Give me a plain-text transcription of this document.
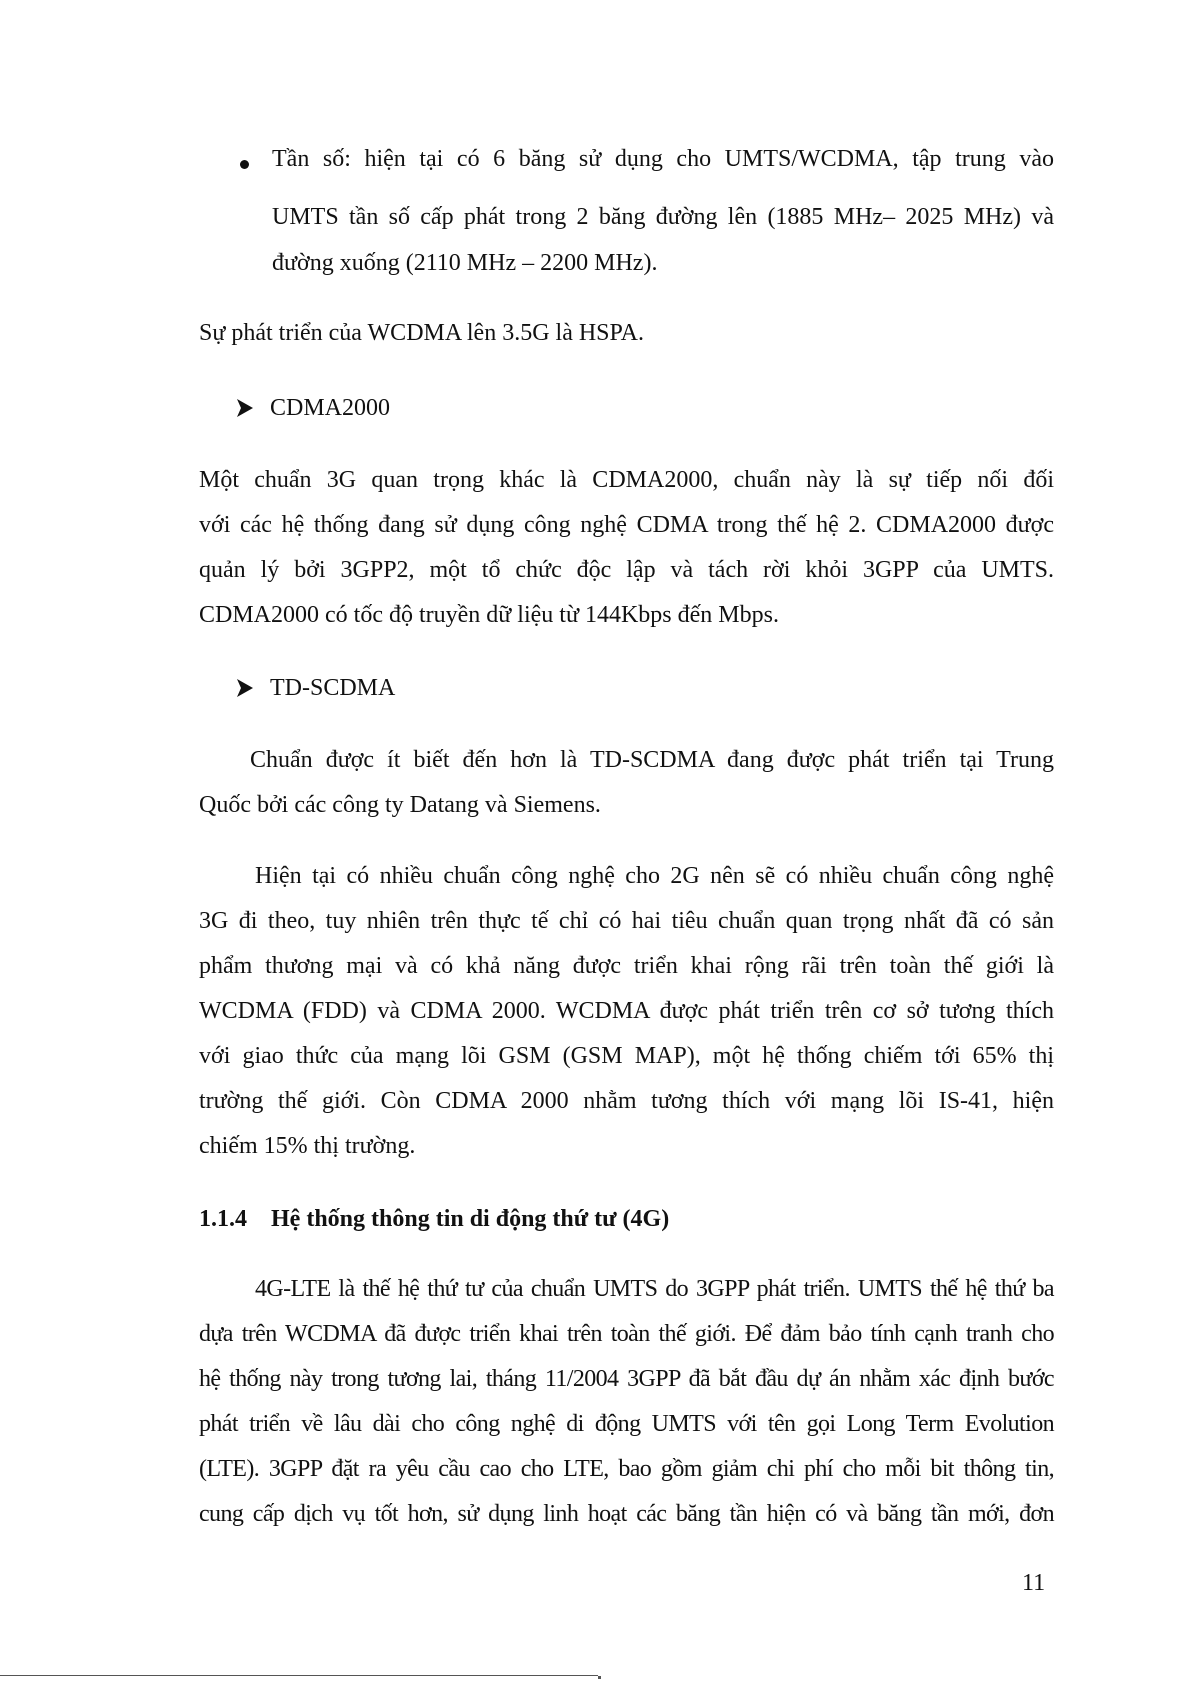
Tần số: hiện tại có 6 băng sử dụng cho UMTS/WCDMA, tập trung vào
UMTS tần số cấp phát trong 2 băng đường lên (1885 MHz– 2025 MHz) và
đường xuống (2110 MHz – 2200 MHz).
Sự phát triển của WCDMA lên 3.5G là HSPA.
CDMA2000
Một chuẩn 3G quan trọng khác là CDMA2000, chuẩn này là sự tiếp nối đối
với các hệ thống đang sử dụng công nghệ CDMA trong thế hệ 2. CDMA2000 được
quản lý bởi 3GPP2, một tổ chức độc lập và tách rời khỏi 3GPP của UMTS.
CDMA2000 có tốc độ truyền dữ liệu từ 144Kbps đến Mbps.
TD-SCDMA
Chuẩn được ít biết đến hơn là TD-SCDMA đang được phát triển tại Trung
Quốc bởi các công ty Datang và Siemens.
Hiện tại có nhiều chuẩn công nghệ cho 2G nên sẽ có nhiều chuẩn công nghệ
3G đi theo, tuy nhiên trên thực tế chỉ có hai tiêu chuẩn quan trọng nhất đã có sản
phẩm thương mại và có khả năng được triển khai rộng rãi trên toàn thế giới là
WCDMA (FDD) và CDMA 2000. WCDMA được phát triển trên cơ sở tương thích
với giao thức của mạng lõi GSM (GSM MAP), một hệ thống chiếm tới 65% thị
trường thế giới. Còn CDMA 2000 nhằm tương thích với mạng lõi IS-41, hiện
chiếm 15% thị trường.
1.1.4 Hệ thống thông tin di động thứ tư (4G)
4G-LTE là thế hệ thứ tư của chuẩn UMTS do 3GPP phát triển. UMTS thế hệ thứ ba
dựa trên WCDMA đã được triển khai trên toàn thế giới. Để đảm bảo tính cạnh tranh cho
hệ thống này trong tương lai, tháng 11/2004 3GPP đã bắt đầu dự án nhằm xác định bước
phát triển về lâu dài cho công nghệ di động UMTS với tên gọi Long Term Evolution
(LTE). 3GPP đặt ra yêu cầu cao cho LTE, bao gồm giảm chi phí cho mỗi bit thông tin,
cung cấp dịch vụ tốt hơn, sử dụng linh hoạt các băng tần hiện có và băng tần mới, đơn
11
